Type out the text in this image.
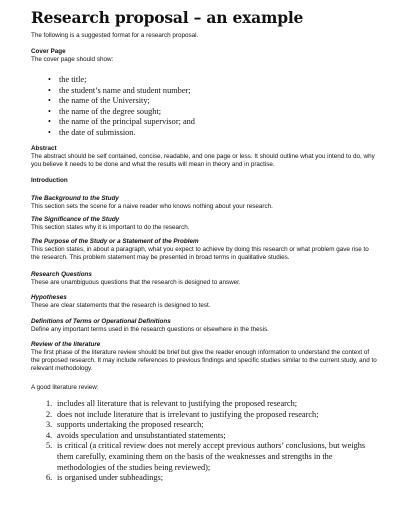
Research proposal – an example
The following is a suggested format for a research proposal.

Cover Page

The cover page should show:

• the title;
• the student’s name and student number;
• the name of the University;
• the name of the degree sought;
• the name of the principal supervisor; and
• the date of submission.

Abstract

The abstract should be self contained, concise, readable, and one page or less. It should outline what you intend to do, why you believe it needs to be done and what the results will mean in theory and in practise.

Introduction

The Background to the Study

This section sets the scene for a naive reader who knows nothing about your research.

The Significance of the Study

This section states why it is important to do the research.

The Purpose of the Study or a Statement of the Problem

This section states, in about a paragraph, what you expect to achieve by doing this research or what problem gave rise to the research. This problem statement may be presented in broad terms in qualitative studies.

Research Questions

These are unambiguous questions that the research is designed to answer.

Hypotheses

These are clear statements that the research is designed to test.

Definitions of Terms or Operational Definitions

Define any important terms used in the research questions or elsewhere in the thesis.

Review of the literature

The first phase of the literature review should be brief but give the reader enough information to understand the context of the proposed research. It may include references to previous findings and specific studies similar to the current study, and to relevant methodology.

A good literature review:

1. includes all literature that is relevant to justifying the proposed research;
2. does not include literature that is irrelevant to justifying the proposed research;
3. supports undertaking the proposed research;
4. avoids speculation and unsubstantiated statements;
5. is critical (a critical review does not merely accept previous authors’ conclusions, but weighs them carefully, examining them on the basis of the weaknesses and strengths in the methodologies of the studies being reviewed);
6. is organised under subheadings;
